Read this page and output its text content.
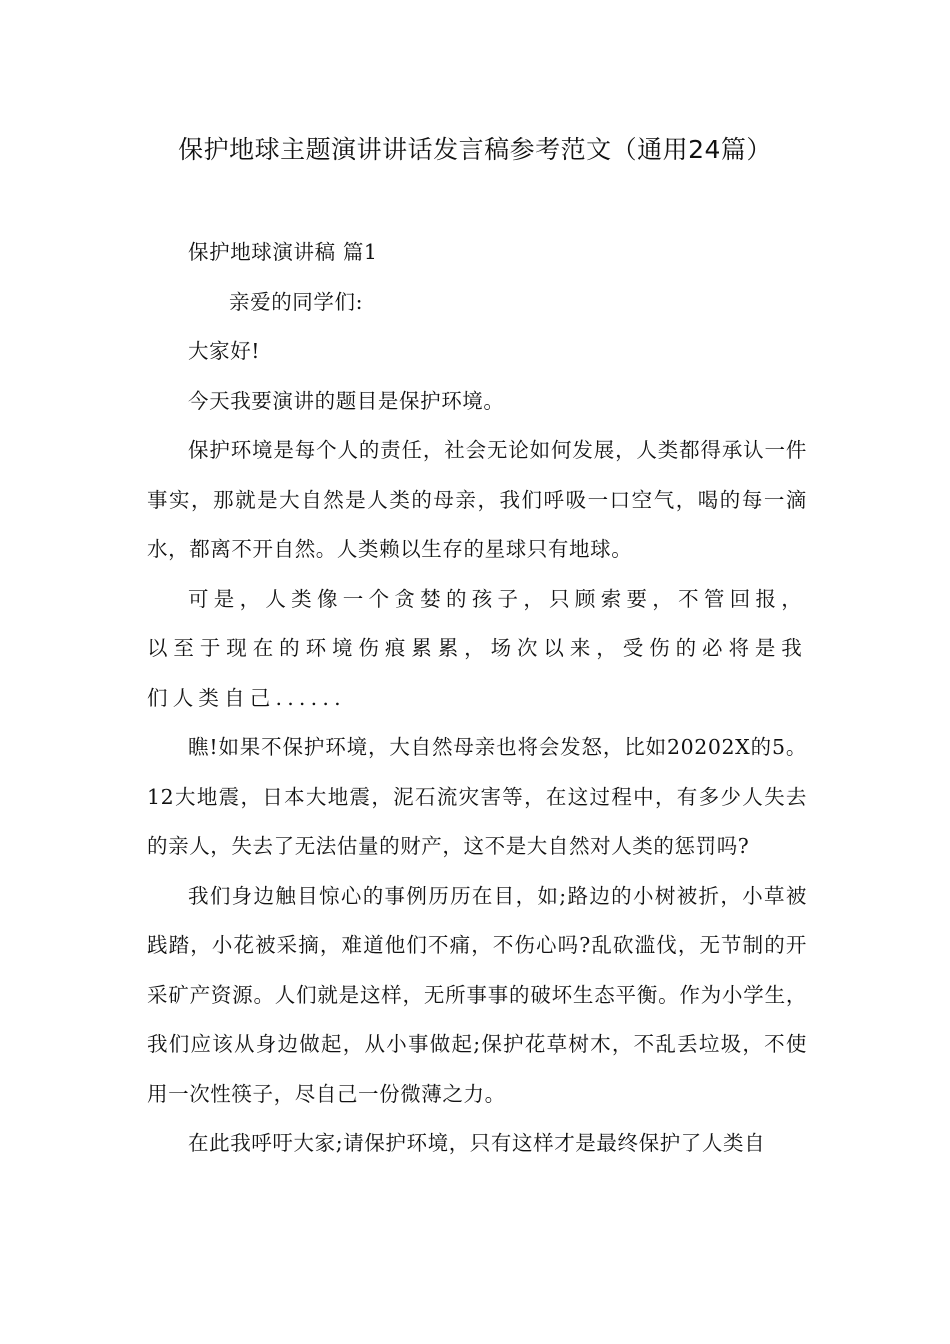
保护地球主题演讲讲话发言稿参考范文（通用24篇）

保护地球演讲稿 篇1

亲爱的同学们:

大家好!

今天我要演讲的题目是保护环境。

保护环境是每个人的责任，社会无论如何发展，人类都得承认一件事实，那就是大自然是人类的母亲，我们呼吸一口空气，喝的每一滴水，都离不开自然。人类赖以生存的星球只有地球。

可是，人类像一个贪婪的孩子，只顾索要，不管回报，以至于现在的环境伤痕累累，场次以来，受伤的必将是我们人类自己......

瞧!如果不保护环境，大自然母亲也将会发怒，比如20202X的5。12大地震，日本大地震，泥石流灾害等，在这过程中，有多少人失去的亲人，失去了无法估量的财产，这不是大自然对人类的惩罚吗?

我们身边触目惊心的事例历历在目，如;路边的小树被折，小草被践踏，小花被采摘，难道他们不痛，不伤心吗?乱砍滥伐，无节制的开采矿产资源。人们就是这样，无所事事的破坏生态平衡。作为小学生，我们应该从身边做起，从小事做起;保护花草树木，不乱丢垃圾，不使用一次性筷子，尽自己一份微薄之力。

在此我呼吁大家;请保护环境，只有这样才是最终保护了人类自
